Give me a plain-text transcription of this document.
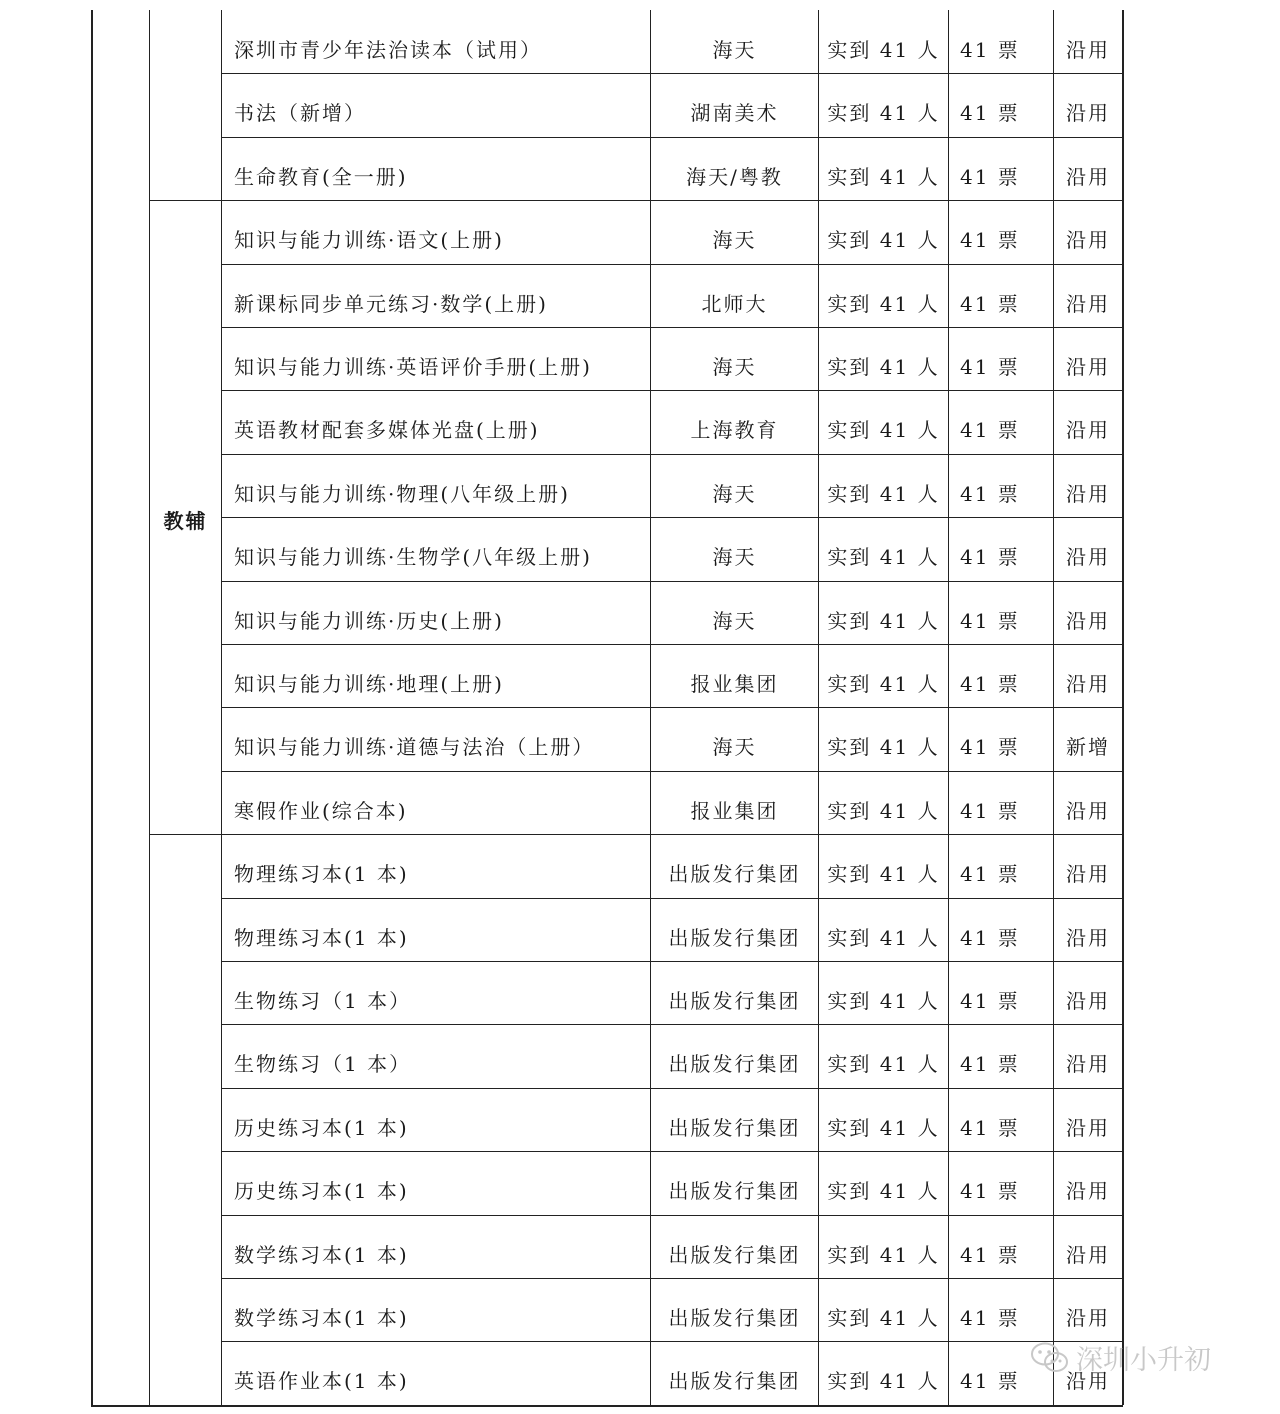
深圳市青少年法治读本（试用）	海天	实到 41 人	41 票	沿用
书法（新增）	湖南美术	实到 41 人	41 票	沿用
生命教育(全一册)	海天/粤教	实到 41 人	41 票	沿用
知识与能力训练·语文(上册)	海天	实到 41 人	41 票	沿用
新课标同步单元练习·数学(上册)	北师大	实到 41 人	41 票	沿用
知识与能力训练·英语评价手册(上册)	海天	实到 41 人	41 票	沿用
英语教材配套多媒体光盘(上册)	上海教育	实到 41 人	41 票	沿用
知识与能力训练·物理(八年级上册)	海天	实到 41 人	41 票	沿用
知识与能力训练·生物学(八年级上册)	海天	实到 41 人	41 票	沿用
知识与能力训练·历史(上册)	海天	实到 41 人	41 票	沿用
知识与能力训练·地理(上册)	报业集团	实到 41 人	41 票	沿用
知识与能力训练·道德与法治（上册）	海天	实到 41 人	41 票	新增
寒假作业(综合本)	报业集团	实到 41 人	41 票	沿用
物理练习本(1 本)	出版发行集团	实到 41 人	41 票	沿用
物理练习本(1 本)	出版发行集团	实到 41 人	41 票	沿用
生物练习（1 本）	出版发行集团	实到 41 人	41 票	沿用
生物练习（1 本）	出版发行集团	实到 41 人	41 票	沿用
历史练习本(1 本)	出版发行集团	实到 41 人	41 票	沿用
历史练习本(1 本)	出版发行集团	实到 41 人	41 票	沿用
数学练习本(1 本)	出版发行集团	实到 41 人	41 票	沿用
数学练习本(1 本)	出版发行集团	实到 41 人	41 票	沿用
英语作业本(1 本)	出版发行集团	实到 41 人	41 票	沿用
教辅
深圳小升初
